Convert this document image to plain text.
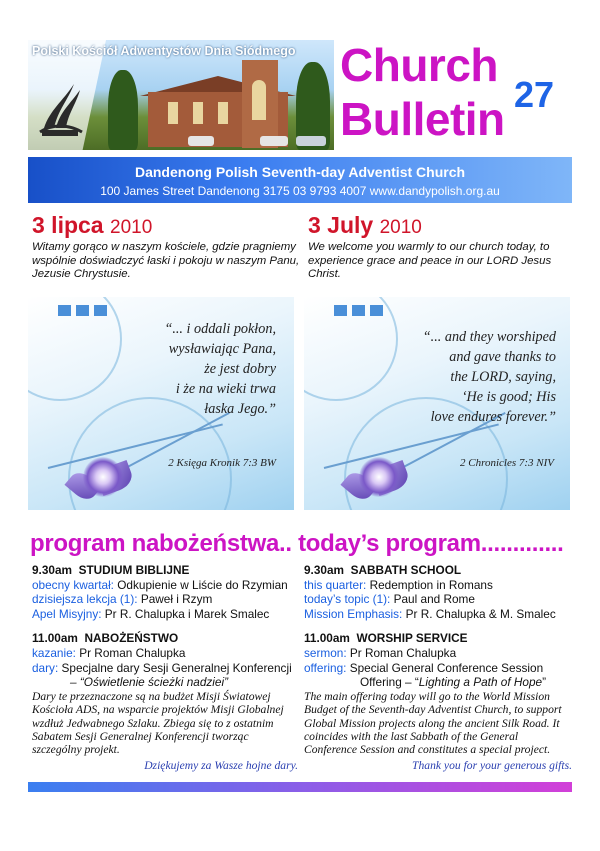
Polski Kościół Adwentystów Dnia Siódmego Church
27
Bulletin
Dandenong Polish Seventh-day Adventist Church
100 James Street Dandenong 3175 03 9793 4007 www.dandypolish.org.au
3 lipca 2010	3 July 2010
Witamy gorąco w naszym kościele, gdzie pragniemy wspólnie doświadczyć łaski i pokoju w naszym Panu, Jezusie Chrystusie.
We welcome you warmly to our church today, to experience grace and peace in our LORD Jesus Christ.
“... i oddali pokłon,
wysławiając Pana,
że jest dobry
i że na wieki trwa
łaska Jego.”
2 Księga Kronik 7:3 BW
“... and they worshiped
and gave thanks to
the LORD, saying,
‘He is good; His
love endures forever.”
2 Chronicles 7:3 NIV
program nabożeństwa.. today’s program.............
9.30am STUDIUM BIBLIJNE
obecny kwartał: Odkupienie w Liście do Rzymian
dzisiejsza lekcja (1): Paweł i Rzym
Apel Misyjny: Pr R. Chalupka i Marek Smalec
11.00am NABOŻEŃSTWO
kazanie: Pr Roman Chalupka
dary: Specjalne dary Sesji Generalnej Konferencji
– “Oświetlenie ścieżki nadziei”
Dary te przeznaczone są na budżet Misji Światowej Kościoła ADS, na wsparcie projektów Misji Globalnej wzdłuż Jedwabnego Szlaku. Zbiega się to z ostatnim Sabatem Sesji Generalnej Konferencji tworząc szczególny projekt.
Dziękujemy za Wasze hojne dary.
9.30am SABBATH SCHOOL
this quarter: Redemption in Romans
today’s topic (1): Paul and Rome
Mission Emphasis: Pr R. Chalupka & M. Smalec
11.00am WORSHIP SERVICE
sermon: Pr Roman Chalupka
offering: Special General Conference Session
Offering – “Lighting a Path of Hope”
The main offering today will go to the World Mission Budget of the Seventh-day Adventist Church, to support Global Mission projects along the ancient Silk Road. It coincides with the last Sabbath of the General Conference Session and constitutes a special project.
Thank you for your generous gifts.
